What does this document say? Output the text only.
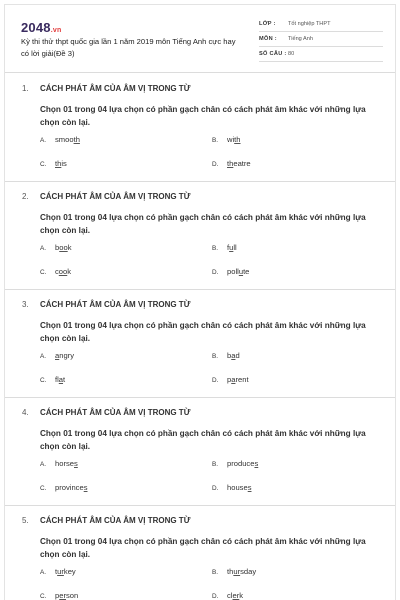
2048.vn
Kỳ thi thử thpt quốc gia lần 1 năm 2019 môn Tiếng Anh cực hay có lời giải(Đề 3)
LỚP : Tốt nghiệp THPT
MÔN : Tiếng Anh
SỐ CÂU : 80
1. CÁCH PHÁT ÂM CỦA ÂM VỊ TRONG TỪ
Chọn 01 trong 04 lựa chọn có phần gạch chân có cách phát âm khác với những lựa chọn còn lại.
A. smooth	B. with
C. this	D. theatre
2. CÁCH PHÁT ÂM CỦA ÂM VỊ TRONG TỪ
Chọn 01 trong 04 lựa chọn có phần gạch chân có cách phát âm khác với những lựa chọn còn lại.
A. book	B. full
C. cook	D. pollute
3. CÁCH PHÁT ÂM CỦA ÂM VỊ TRONG TỪ
Chọn 01 trong 04 lựa chọn có phần gạch chân có cách phát âm khác với những lựa chọn còn lại.
A. angry	B. bad
C. flat	D. parent
4. CÁCH PHÁT ÂM CỦA ÂM VỊ TRONG TỪ
Chọn 01 trong 04 lựa chọn có phần gạch chân có cách phát âm khác với những lựa chọn còn lại.
A. horses	B. produces
C. provinces	D. houses
5. CÁCH PHÁT ÂM CỦA ÂM VỊ TRONG TỪ
Chọn 01 trong 04 lựa chọn có phần gạch chân có cách phát âm khác với những lựa chọn còn lại.
A. turkey	B. thursday
C. person	D. clerk
